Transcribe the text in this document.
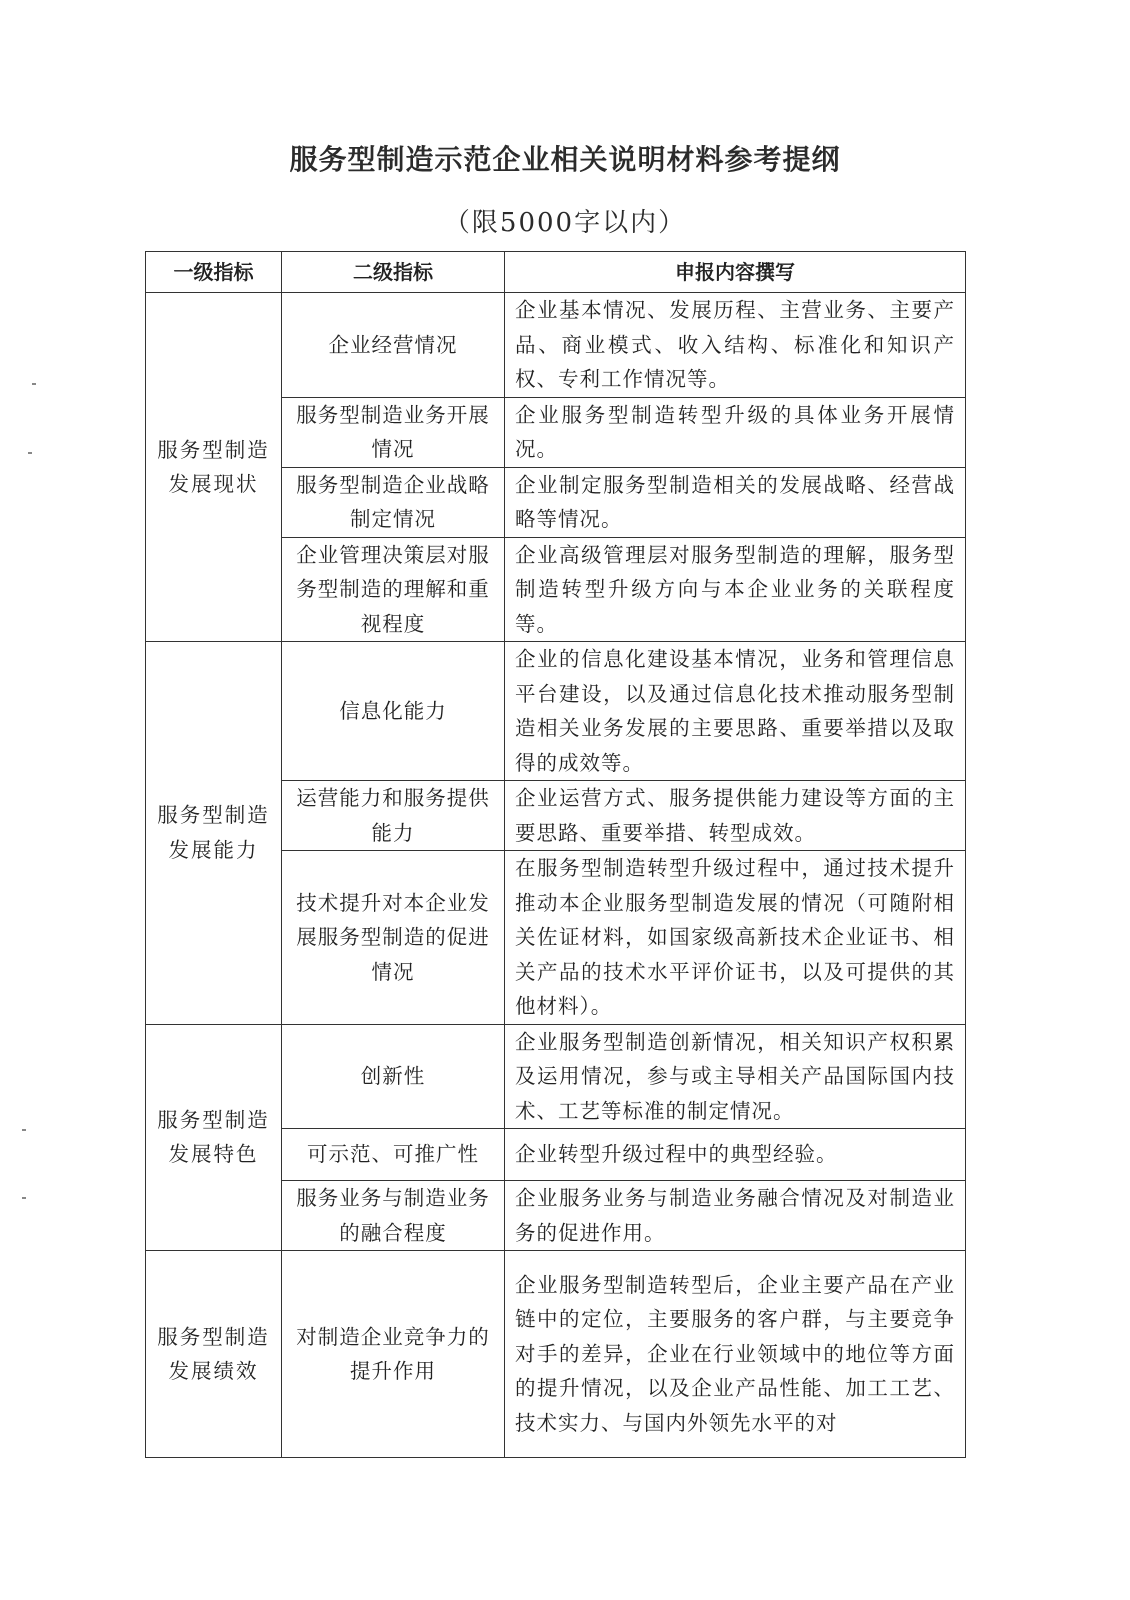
服务型制造示范企业相关说明材料参考提纲
（限5000字以内）
一级指标	二级指标	申报内容撰写
服务型制造发展现状	企业经营情况	企业基本情况、发展历程、主营业务、主要产品、商业模式、收入结构、标准化和知识产权、专利工作情况等。
	服务型制造业务开展情况	企业服务型制造转型升级的具体业务开展情况。
	服务型制造企业战略制定情况	企业制定服务型制造相关的发展战略、经营战略等情况。
	企业管理决策层对服务型制造的理解和重视程度	企业高级管理层对服务型制造的理解，服务型制造转型升级方向与本企业业务的关联程度等。
服务型制造发展能力	信息化能力	企业的信息化建设基本情况，业务和管理信息平台建设，以及通过信息化技术推动服务型制造相关业务发展的主要思路、重要举措以及取得的成效等。
	运营能力和服务提供能力	企业运营方式、服务提供能力建设等方面的主要思路、重要举措、转型成效。
	技术提升对本企业发展服务型制造的促进情况	在服务型制造转型升级过程中，通过技术提升推动本企业服务型制造发展的情况（可随附相关佐证材料，如国家级高新技术企业证书、相关产品的技术水平评价证书，以及可提供的其他材料）。
服务型制造发展特色	创新性	企业服务型制造创新情况，相关知识产权积累及运用情况，参与或主导相关产品国际国内技术、工艺等标准的制定情况。
	可示范、可推广性	企业转型升级过程中的典型经验。
	服务业务与制造业务的融合程度	企业服务业务与制造业务融合情况及对制造业务的促进作用。
服务型制造发展绩效	对制造企业竞争力的提升作用	企业服务型制造转型后，企业主要产品在产业链中的定位，主要服务的客户群，与主要竞争对手的差异，企业在行业领域中的地位等方面的提升情况，以及企业产品性能、加工工艺、技术实力、与国内外领先水平的对
